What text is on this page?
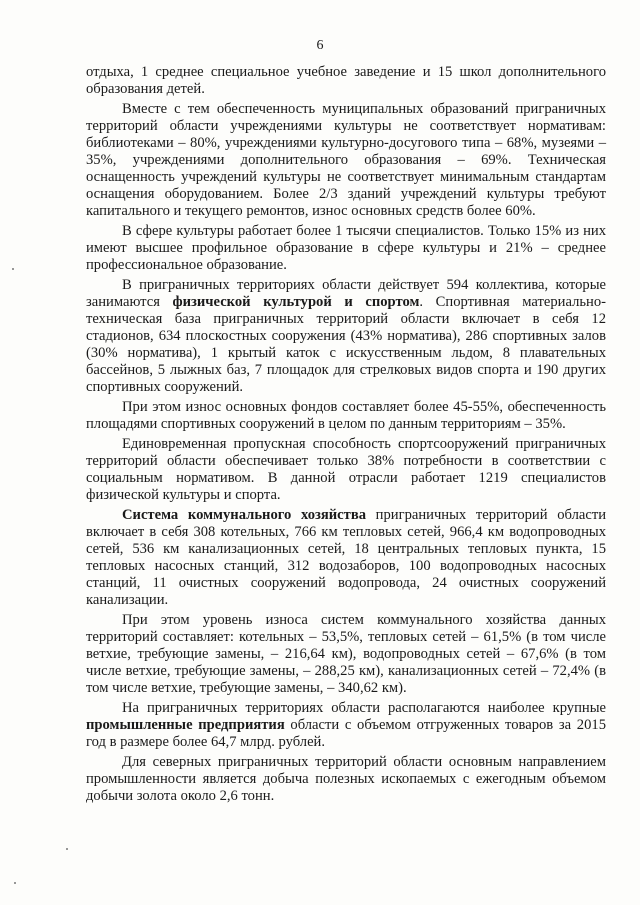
6

отдыха, 1 среднее специальное учебное заведение и 15 школ дополнительного образования детей.

Вместе с тем обеспеченность муниципальных образований приграничных территорий области учреждениями культуры не соответствует нормативам: библиотеками – 80%, учреждениями культурно-досугового типа – 68%, музеями – 35%, учреждениями дополнительного образования – 69%. Техническая оснащенность учреждений культуры не соответствует минимальным стандартам оснащения оборудованием. Более 2/3 зданий учреждений культуры требуют капитального и текущего ремонтов, износ основных средств более 60%.

В сфере культуры работает более 1 тысячи специалистов. Только 15% из них имеют высшее профильное образование в сфере культуры и 21% – среднее профессиональное образование.

В приграничных территориях области действует 594 коллектива, которые занимаются физической культурой и спортом. Спортивная материально-техническая база приграничных территорий области включает в себя 12 стадионов, 634 плоскостных сооружения (43% норматива), 286 спортивных залов (30% норматива), 1 крытый каток с искусственным льдом, 8 плавательных бассейнов, 5 лыжных баз, 7 площадок для стрелковых видов спорта и 190 других спортивных сооружений.

При этом износ основных фондов составляет более 45-55%, обеспеченность площадями спортивных сооружений в целом по данным территориям – 35%.

Единовременная пропускная способность спортсооружений приграничных территорий области обеспечивает только 38% потребности в соответствии с социальным нормативом. В данной отрасли работает 1219 специалистов физической культуры и спорта.

Система коммунального хозяйства приграничных территорий области включает в себя 308 котельных, 766 км тепловых сетей, 966,4 км водопроводных сетей, 536 км канализационных сетей, 18 центральных тепловых пункта, 15 тепловых насосных станций, 312 водозаборов, 100 водопроводных насосных станций, 11 очистных сооружений водопровода, 24 очистных сооружений канализации.

При этом уровень износа систем коммунального хозяйства данных территорий составляет: котельных – 53,5%, тепловых сетей – 61,5% (в том числе ветхие, требующие замены, – 216,64 км), водопроводных сетей – 67,6% (в том числе ветхие, требующие замены, – 288,25 км), канализационных сетей – 72,4% (в том числе ветхие, требующие замены, – 340,62 км).

На приграничных территориях области располагаются наиболее крупные промышленные предприятия области с объемом отгруженных товаров за 2015 год в размере более 64,7 млрд. рублей.

Для северных приграничных территорий области основным направлением промышленности является добыча полезных ископаемых с ежегодным объемом добычи золота около 2,6 тонн.
